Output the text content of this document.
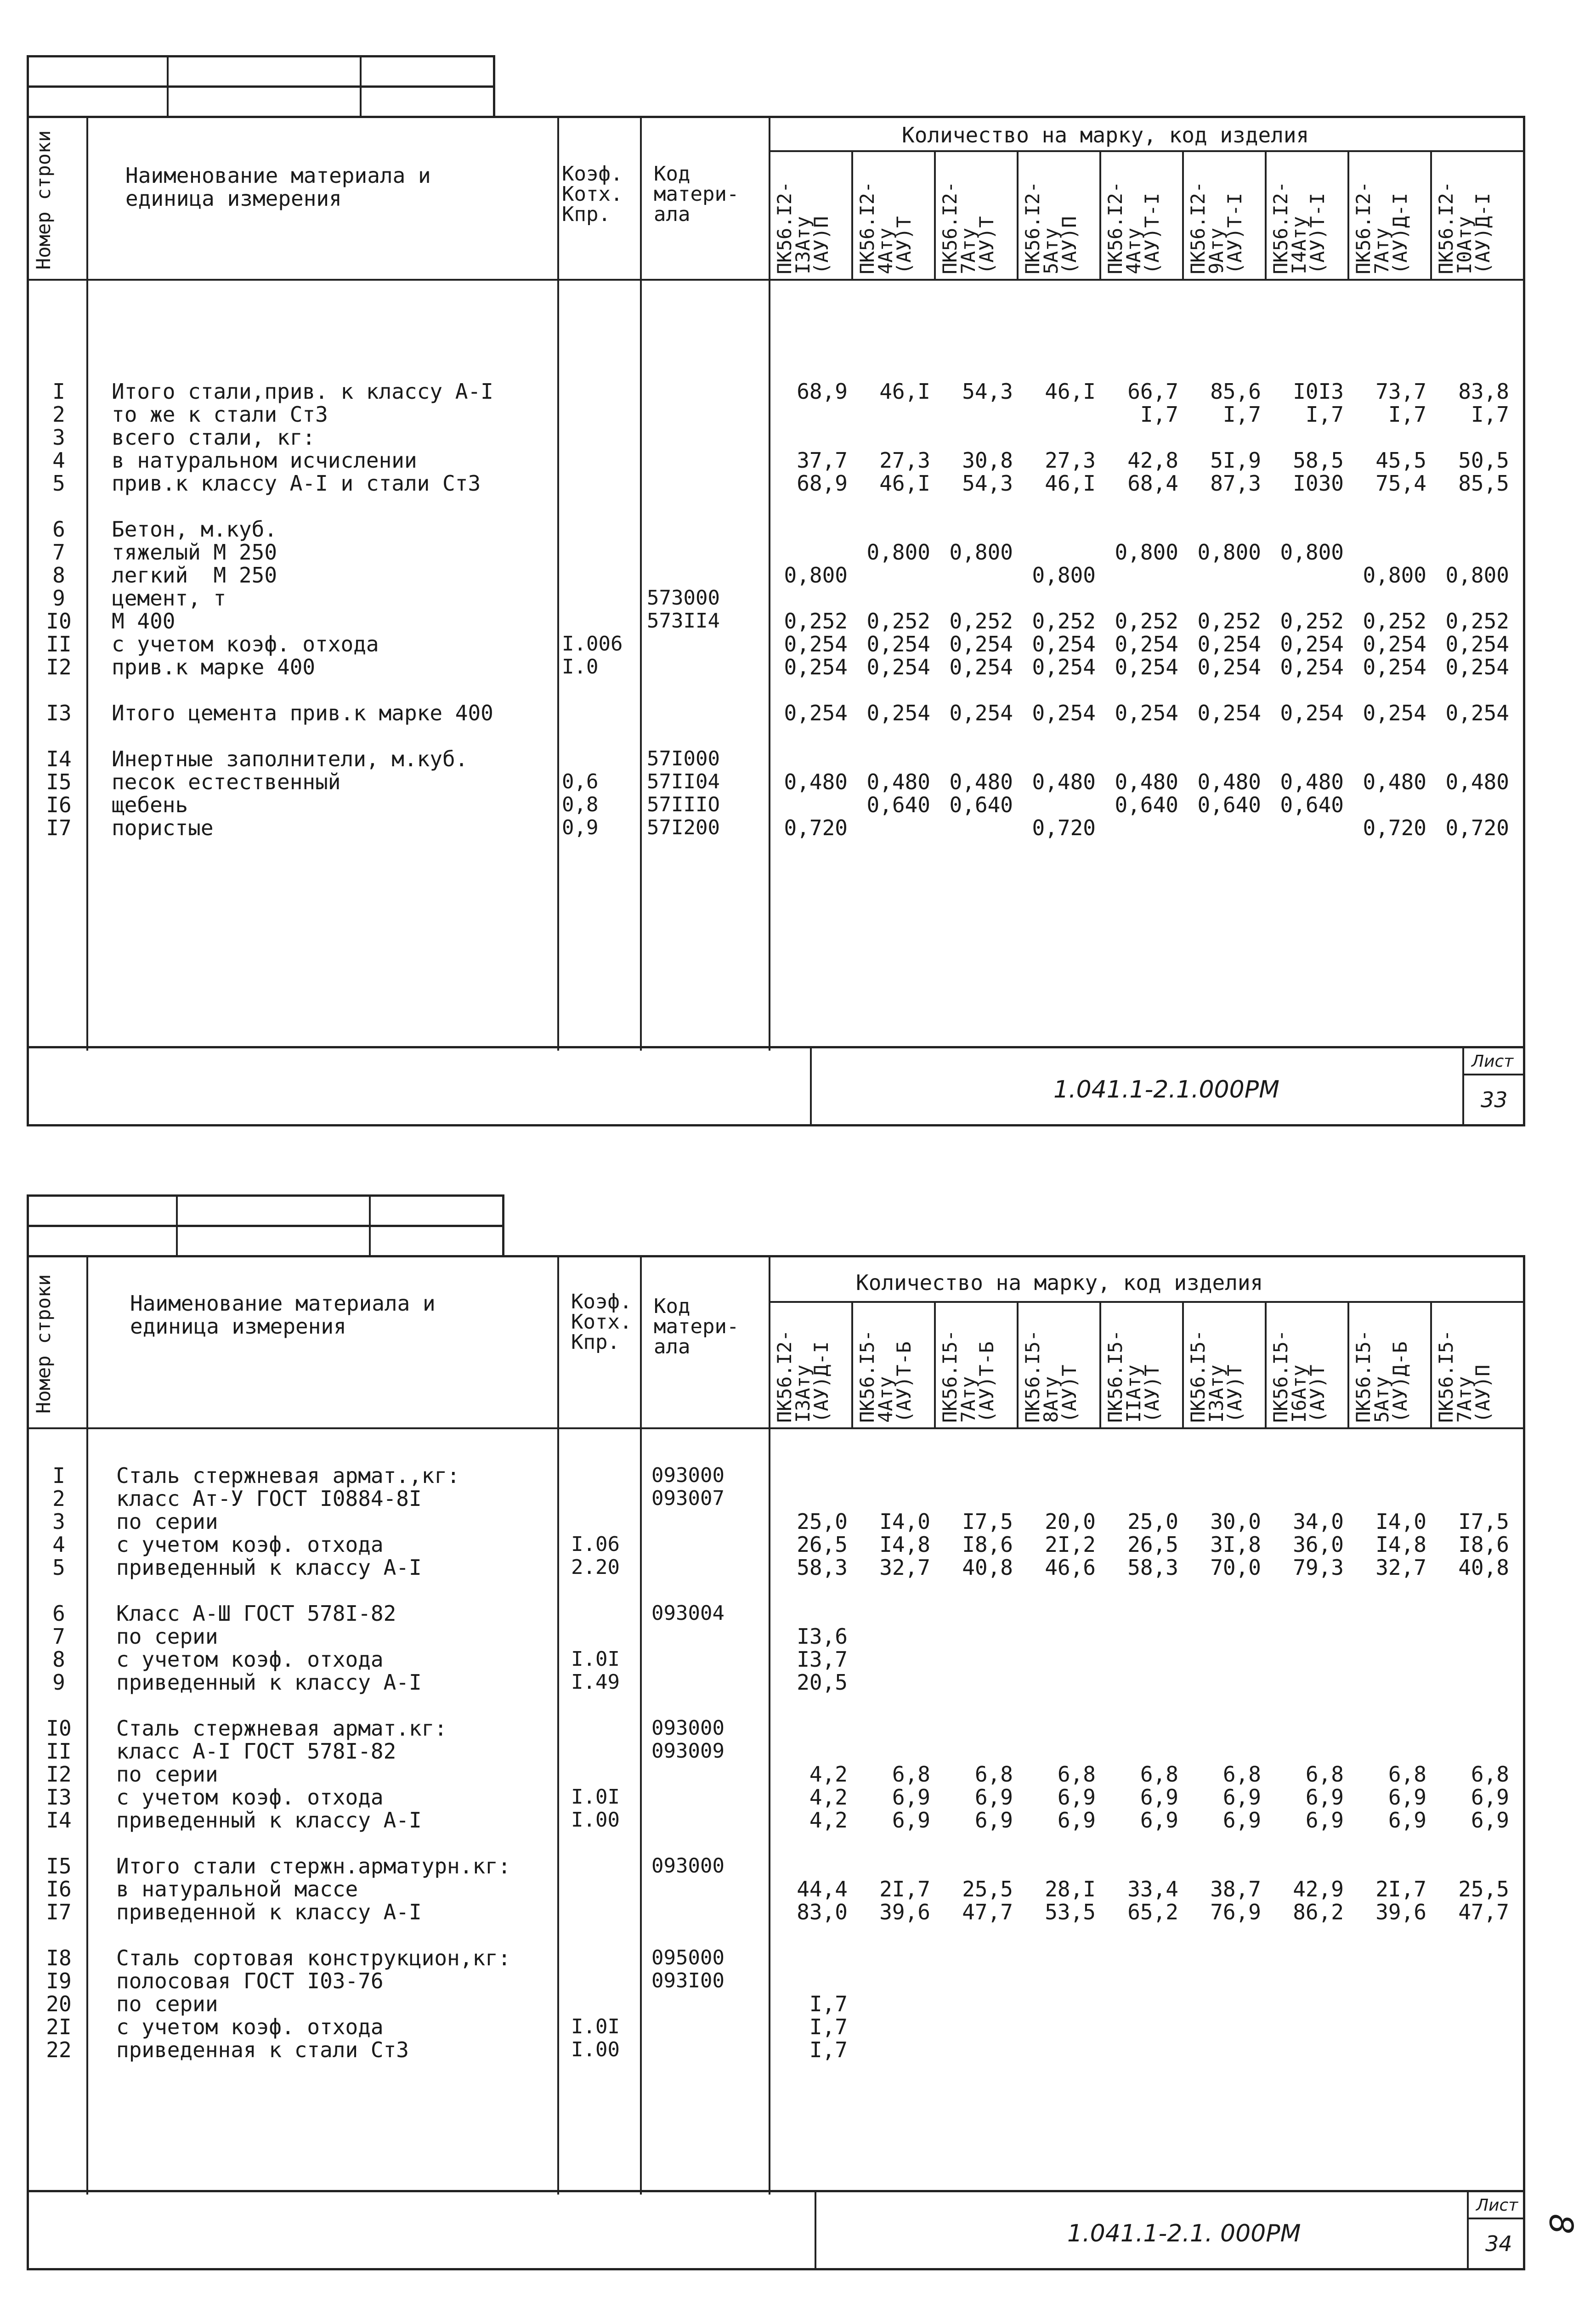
Номер строки	Наименование материала и
единица измерения
Коэф.
Котх.
Кпр.
Код
матери-
ала
Количество на марку, код изделия
ПК56.I2-
I3Aту
(АУ)П ПК56.I2-
4Aту
(АУ)Т ПК56.I2-
7Aту
(АУ)Т ПК56.I2-
5Aту
(АУ)П ПК56.I2-
4Aту
(АУ)Т-I ПК56.I2-
9Aту
(АУ)Т-I ПК56.I2-
I4Aту
(АУ)Т-I ПК56.I2-
7Aту
(АУ)Д-I ПК56.I2-
I0Aту
(АУ)Д-I
I
2
3
4
5

6
7
8
9
I0
II
I2

I3

I4
I5
I6
I7
Итого стали,прив. к классу А-I
то же к стали Ст3
всего стали, кг:
в натуральном исчислении
прив.к классу А-I и стали Ст3

Бетон, м.куб.
тяжелый М 250
легкий  М 250
цемент, т
М 400
с учетом коэф. отхода
прив.к марке 400

Итого цемента прив.к марке 400

Инертные заполнители, м.куб.
песок естественный
щебень
пористые

I.006
I.0

0,6
0,8
0,9

573000
573II4

57I000
57II04
57IIIO
57I200
68,9

37,7
68,9

0,800

0,252
0,254
0,254

0,254

0,480

0,720
46,I

27,3
46,I

0,800

0,252
0,254
0,254

0,254

0,480
0,640

54,3

30,8
54,3

0,800

0,252
0,254
0,254

0,254

0,480
0,640

46,I

27,3
46,I

0,800

0,252
0,254
0,254

0,254

0,480

0,720
66,7
I,7

42,8
68,4

0,800

0,252
0,254
0,254

0,254

0,480
0,640

85,6
I,7

5I,9
87,3

0,800

0,252
0,254
0,254

0,254

0,480
0,640

I0I3
I,7

58,5
I030

0,800

0,252
0,254
0,254

0,254

0,480
0,640

73,7
I,7

45,5
75,4

0,800

0,252
0,254
0,254

0,254

0,480

0,720
83,8
I,7

50,5
85,5

0,800

0,252
0,254
0,254

0,254

0,480

0,720
1.041.1-2.1.000PM
Лист
33
Номер строки	Наименование материала и
единица измерения
Коэф.
Котх.
Кпр.
Код
матери-
ала
Количество на марку, код изделия
ПК56.I2-
I3Aту
(АУ)Д-I ПК56.I5-
4Aту
(АУ)Т-Б ПК56.I5-
7Aту
(АУ)Т-Б ПК56.I5-
8Aту
(АУ)Т ПК56.I5-
IIAту
(АУ)Т ПК56.I5-
I3Aту
(АУ)Т ПК56.I5-
I6Aту
(АУ)Т ПК56.I5-
5Aту
(АУ)Д-Б ПК56.I5-
7Aту
(АУ)П
I
2
3
4
5

6
7
8
9

I0
II
I2
I3
I4

I5
I6
I7

I8
I9
20
2I
22
Сталь стержневая армат.,кг:
класс Ат-У ГОСТ I0884-8I
по серии
с учетом коэф. отхода
приведенный к классу А-I

Класс А-Ш ГОСТ 578I-82
по серии
с учетом коэф. отхода
приведенный к классу А-I

Сталь стержневая армат.кг:
класс А-I ГОСТ 578I-82
по серии
с учетом коэф. отхода
приведенный к классу А-I

Итого стали стержн.арматурн.кг:
в натуральной массе
приведенной к классу А-I

Сталь сортовая конструкцион,кг:
полосовая ГОСТ I03-76
по серии
с учетом коэф. отхода
приведенная к стали Ст3

I.06
2.20

I.0I
I.49

I.0I
I.00

I.0I
I.00
093000
093007

093004

093000
093009

093000

095000
093I00

25,0
26,5
58,3

I3,6
I3,7
20,5

4,2
4,2
4,2

44,4
83,0

I,7
I,7
I,7

I4,0
I4,8
32,7

6,8
6,9
6,9

2I,7
39,6

I7,5
I8,6
40,8

6,8
6,9
6,9

25,5
47,7

20,0
2I,2
46,6

6,8
6,9
6,9

28,I
53,5

25,0
26,5
58,3

6,8
6,9
6,9

33,4
65,2

30,0
3I,8
70,0

6,8
6,9
6,9

38,7
76,9

34,0
36,0
79,3

6,8
6,9
6,9

42,9
86,2

I4,0
I4,8
32,7

6,8
6,9
6,9

2I,7
39,6

I7,5
I8,6
40,8

6,8
6,9
6,9

25,5
47,7

1.041.1-2.1. 000PM
Лист
34
8
